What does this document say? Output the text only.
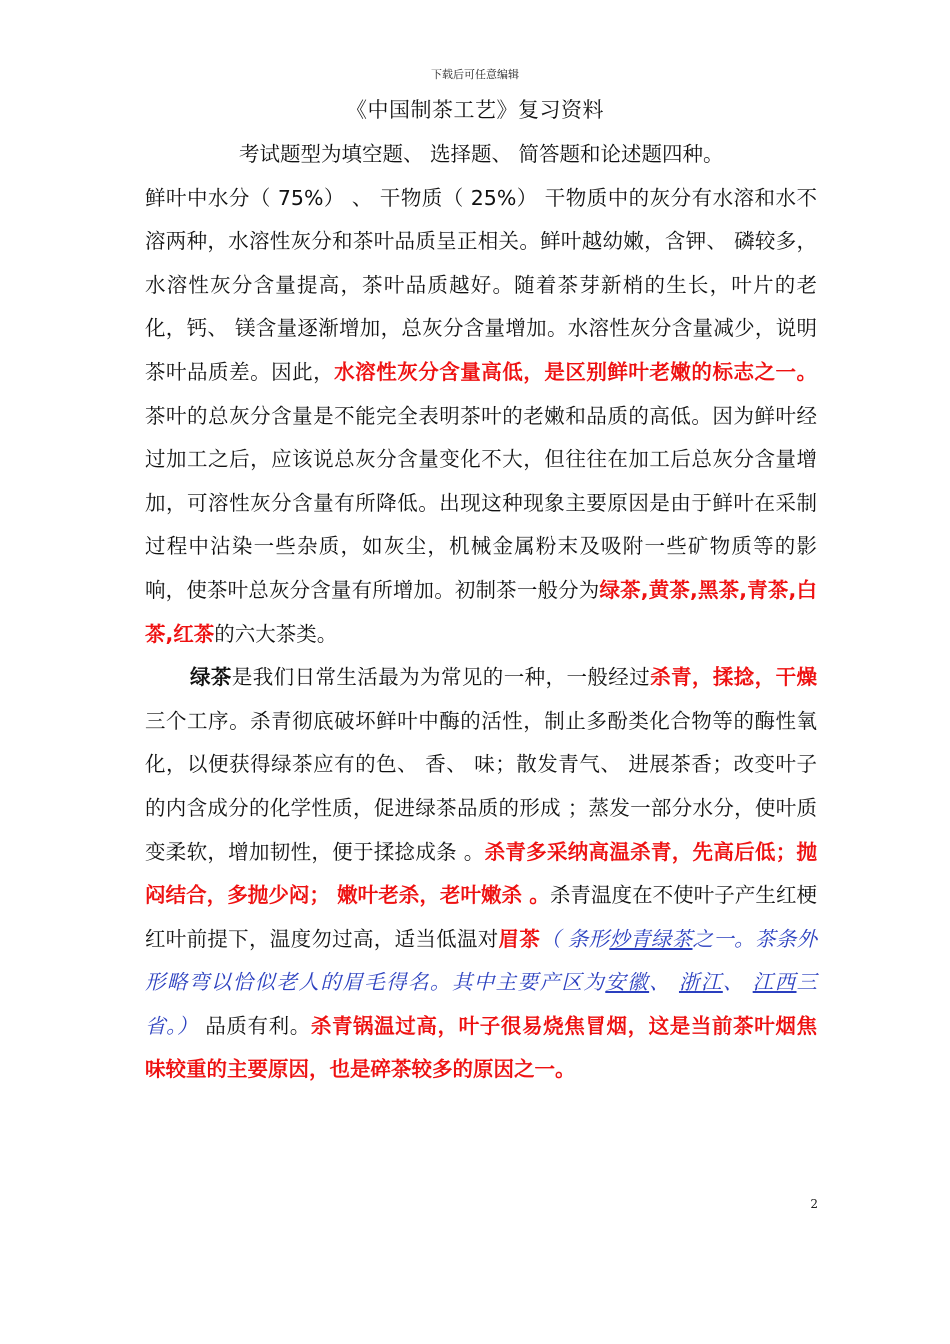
下载后可任意编辑
《中国制茶工艺》复习资料

考试题型为填空题、 选择题、 简答题和论述题四种。

鲜叶中水分（ 75%） 、 干物质（ 25%） 干物质中的灰分有水溶和水不溶两种，水溶性灰分和茶叶品质呈正相关。鲜叶越幼嫩，含钾、 磷较多，水溶性灰分含量提高，茶叶品质越好。随着茶芽新梢的生长，叶片的老化，钙、 镁含量逐渐增加，总灰分含量增加。水溶性灰分含量减少，说明茶叶品质差。因此，水溶性灰分含量高低，是区别鲜叶老嫩的标志之一。茶叶的总灰分含量是不能完全表明茶叶的老嫩和品质的高低。因为鲜叶经过加工之后，应该说总灰分含量变化不大，但往往在加工后总灰分含量增加，可溶性灰分含量有所降低。出现这种现象主要原因是由于鲜叶在采制过程中沾染一些杂质，如灰尘，机械金属粉末及吸附一些矿物质等的影响，使茶叶总灰分含量有所增加。初制茶一般分为绿茶,黄茶,黑茶,青茶,白茶,红茶的六大茶类。

绿茶是我们日常生活最为为常见的一种，一般经过杀青，揉捻，干燥三个工序。杀青彻底破坏鲜叶中酶的活性，制止多酚类化合物等的酶性氧化，以便获得绿茶应有的色、 香、 味；散发青气、 进展茶香；改变叶子的内含成分的化学性质，促进绿茶品质的形成 ；蒸发一部分水分，使叶质变柔软，增加韧性，便于揉捻成条 。杀青多采纳高温杀青，先高后低；抛闷结合，多抛少闷； 嫩叶老杀，老叶嫩杀 。杀青温度在不使叶子产生红梗红叶前提下，温度勿过高，适当低温对眉茶（ 条形炒青绿茶之一。茶条外形略弯以恰似老人的眉毛得名。其中主要产区为安徽、 浙江、 江西三省。） 品质有利。杀青锅温过高，叶子很易烧焦冒烟，这是当前茶叶烟焦味较重的主要原因，也是碎茶较多的原因之一。

2
